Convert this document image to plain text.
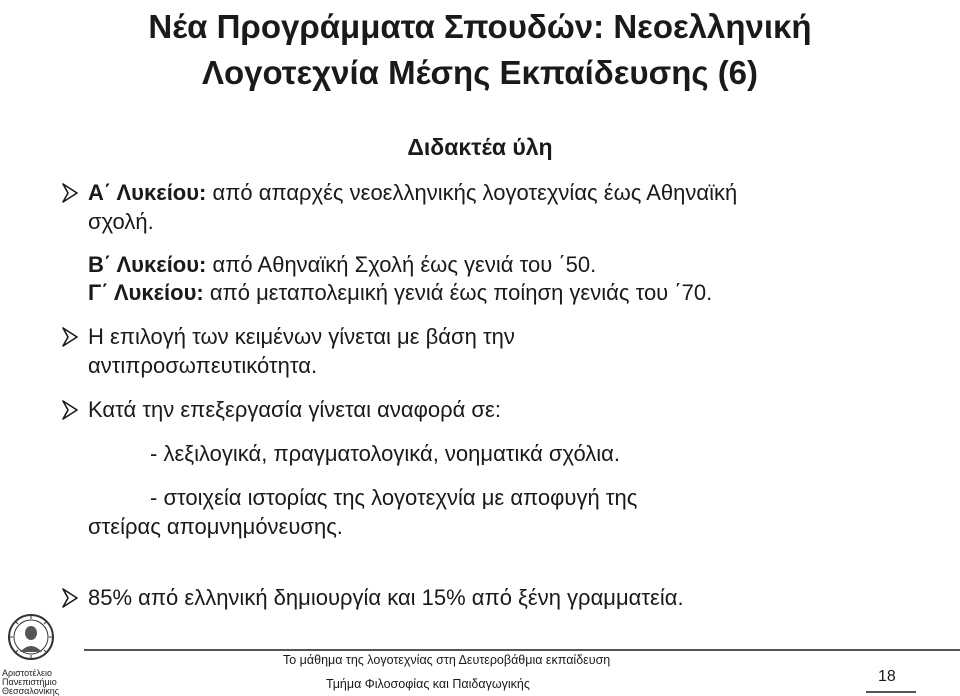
Νέα Προγράμματα Σπουδών: Νεοελληνική
Λογοτεχνία Μέσης Εκπαίδευσης (6)
Διδακτέα ύλη
Α΄ Λυκείου: από απαρχές νεοελληνικής λογοτεχνίας έως Αθηναϊκή
σχολή.
Β΄ Λυκείου: από Αθηναϊκή Σχολή έως γενιά του ΄50.
Γ΄ Λυκείου: από μεταπολεμική γενιά έως ποίηση γενιάς του ΄70.
Η επιλογή των κειμένων γίνεται με βάση την
αντιπροσωπευτικότητα.
Κατά την επεξεργασία γίνεται αναφορά σε:
- λεξιλογικά, πραγματολογικά, νοηματικά σχόλια.
- στοιχεία ιστορίας της λογοτεχνία με αποφυγή της
στείρας απομνημόνευσης.
85% από ελληνική δημιουργία και 15% από ξένη γραμματεία.
Αριστοτέλειο
Πανεπιστήμιο
Θεσσαλονίκης
Το μάθημα της λογοτεχνίας στη Δευτεροβάθμια εκπαίδευση
Τμήμα Φιλοσοφίας και Παιδαγωγικής	18
